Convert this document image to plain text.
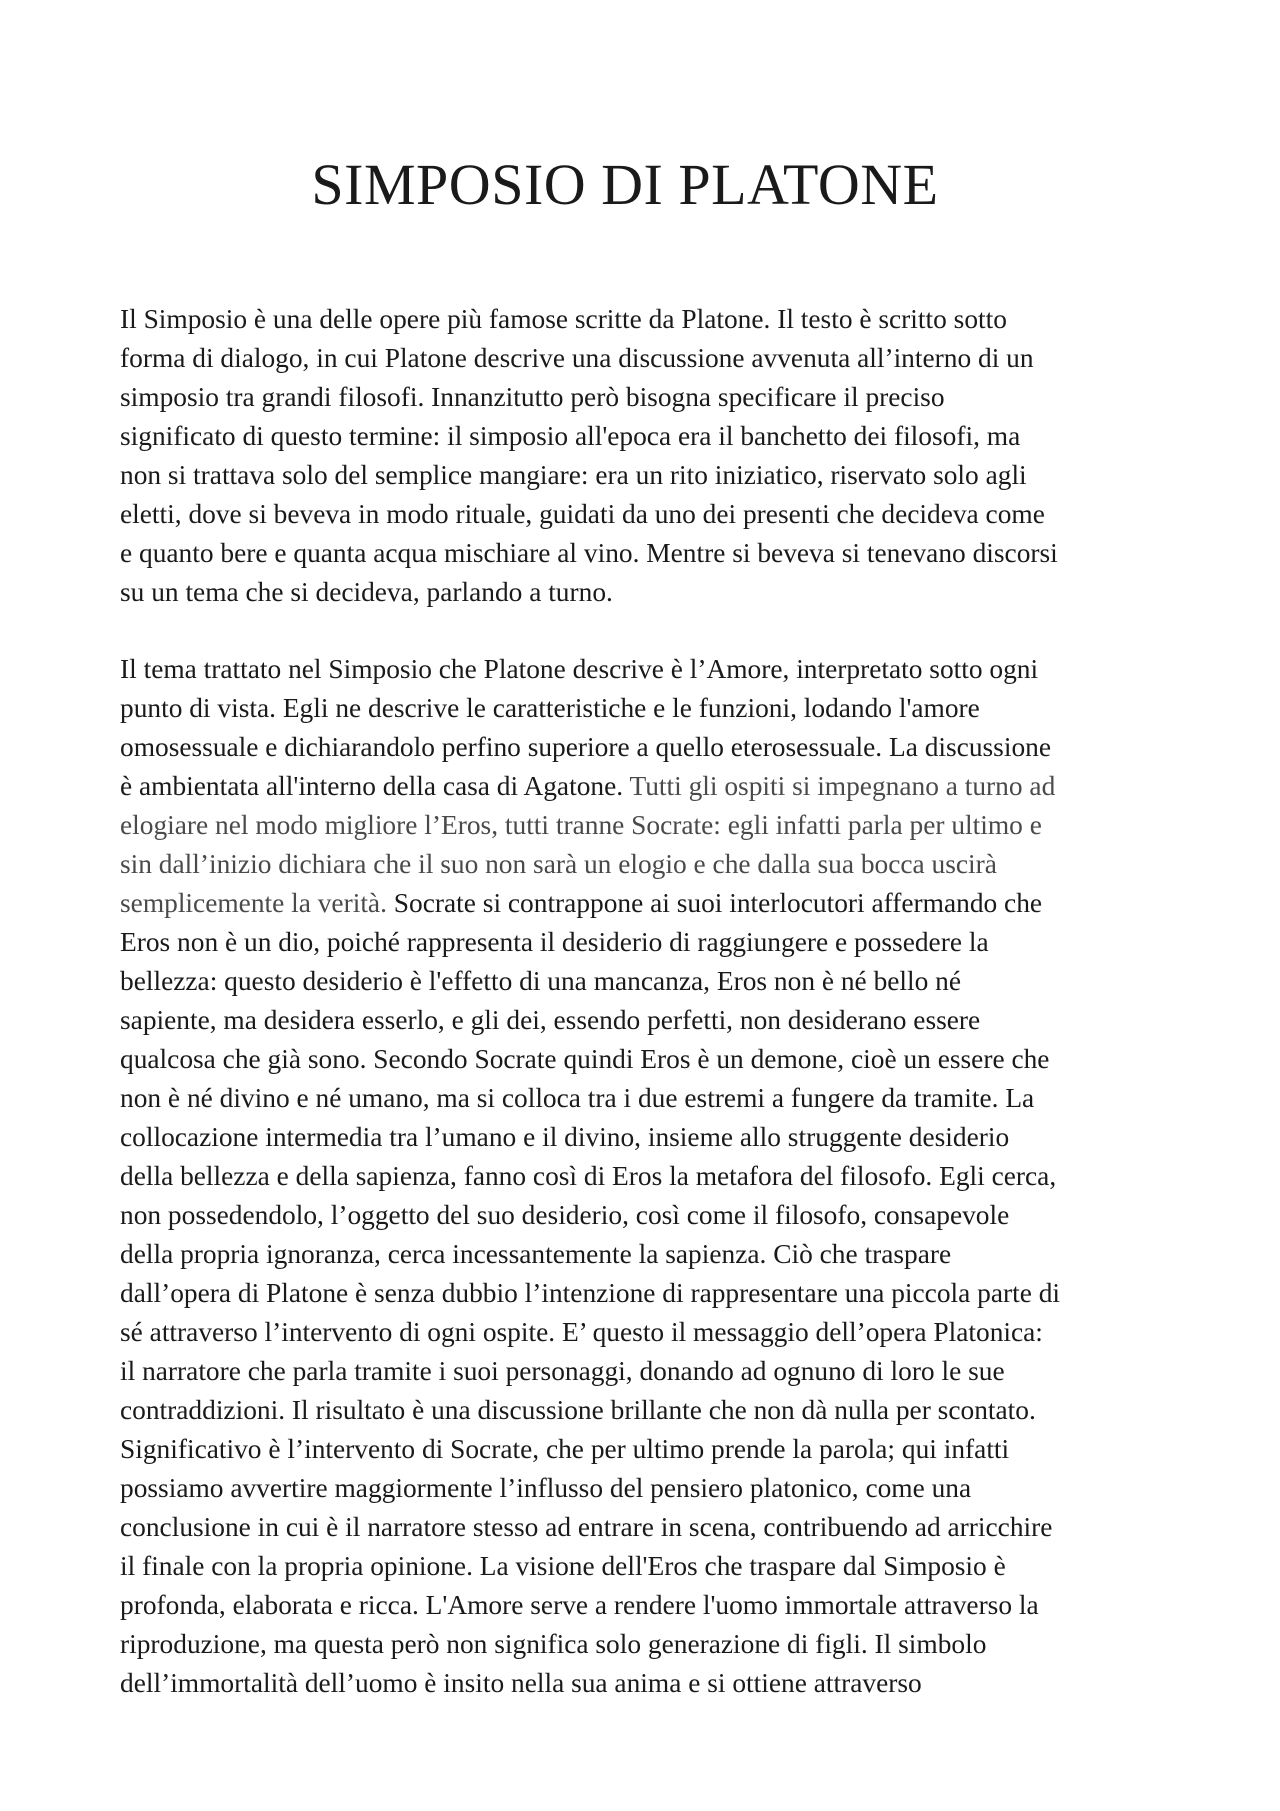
SIMPOSIO DI PLATONE

Il Simposio è una delle opere più famose scritte da Platone. Il testo è scritto sotto
forma di dialogo, in cui Platone descrive una discussione avvenuta all’interno di un
simposio tra grandi filosofi. Innanzitutto però bisogna specificare il preciso
significato di questo termine: il simposio all'epoca era il banchetto dei filosofi, ma
non si trattava solo del semplice mangiare: era un rito iniziatico, riservato solo agli
eletti, dove si beveva in modo rituale, guidati da uno dei presenti che decideva come
e quanto bere e quanta acqua mischiare al vino. Mentre si beveva si tenevano discorsi
su un tema che si decideva, parlando a turno.

Il tema trattato nel Simposio che Platone descrive è l’Amore, interpretato sotto ogni
punto di vista. Egli ne descrive le caratteristiche e le funzioni, lodando l'amore
omosessuale e dichiarandolo perfino superiore a quello eterosessuale. La discussione
è ambientata all'interno della casa di Agatone. Tutti gli ospiti si impegnano a turno ad
elogiare nel modo migliore l’Eros, tutti tranne Socrate: egli infatti parla per ultimo e
sin dall’inizio dichiara che il suo non sarà un elogio e che dalla sua bocca uscirà
semplicemente la verità. Socrate si contrappone ai suoi interlocutori affermando che
Eros non è un dio, poiché rappresenta il desiderio di raggiungere e possedere la
bellezza: questo desiderio è l'effetto di una mancanza, Eros non è né bello né
sapiente, ma desidera esserlo, e gli dei, essendo perfetti, non desiderano essere
qualcosa che già sono. Secondo Socrate quindi Eros è un demone, cioè un essere che
non è né divino e né umano, ma si colloca tra i due estremi a fungere da tramite. La
collocazione intermedia tra l’umano e il divino, insieme allo struggente desiderio
della bellezza e della sapienza, fanno così di Eros la metafora del filosofo. Egli cerca,
non possedendolo, l’oggetto del suo desiderio, così come il filosofo, consapevole
della propria ignoranza, cerca incessantemente la sapienza. Ciò che traspare
dall’opera di Platone è senza dubbio l’intenzione di rappresentare una piccola parte di
sé attraverso l’intervento di ogni ospite. E’ questo il messaggio dell’opera Platonica:
il narratore che parla tramite i suoi personaggi, donando ad ognuno di loro le sue
contraddizioni. Il risultato è una discussione brillante che non dà nulla per scontato.
Significativo è l’intervento di Socrate, che per ultimo prende la parola; qui infatti
possiamo avvertire maggiormente l’influsso del pensiero platonico, come una
conclusione in cui è il narratore stesso ad entrare in scena, contribuendo ad arricchire
il finale con la propria opinione. La visione dell'Eros che traspare dal Simposio è
profonda, elaborata e ricca. L'Amore serve a rendere l'uomo immortale attraverso la
riproduzione, ma questa però non significa solo generazione di figli. Il simbolo
dell’immortalità dell’uomo è insito nella sua anima e si ottiene attraverso
